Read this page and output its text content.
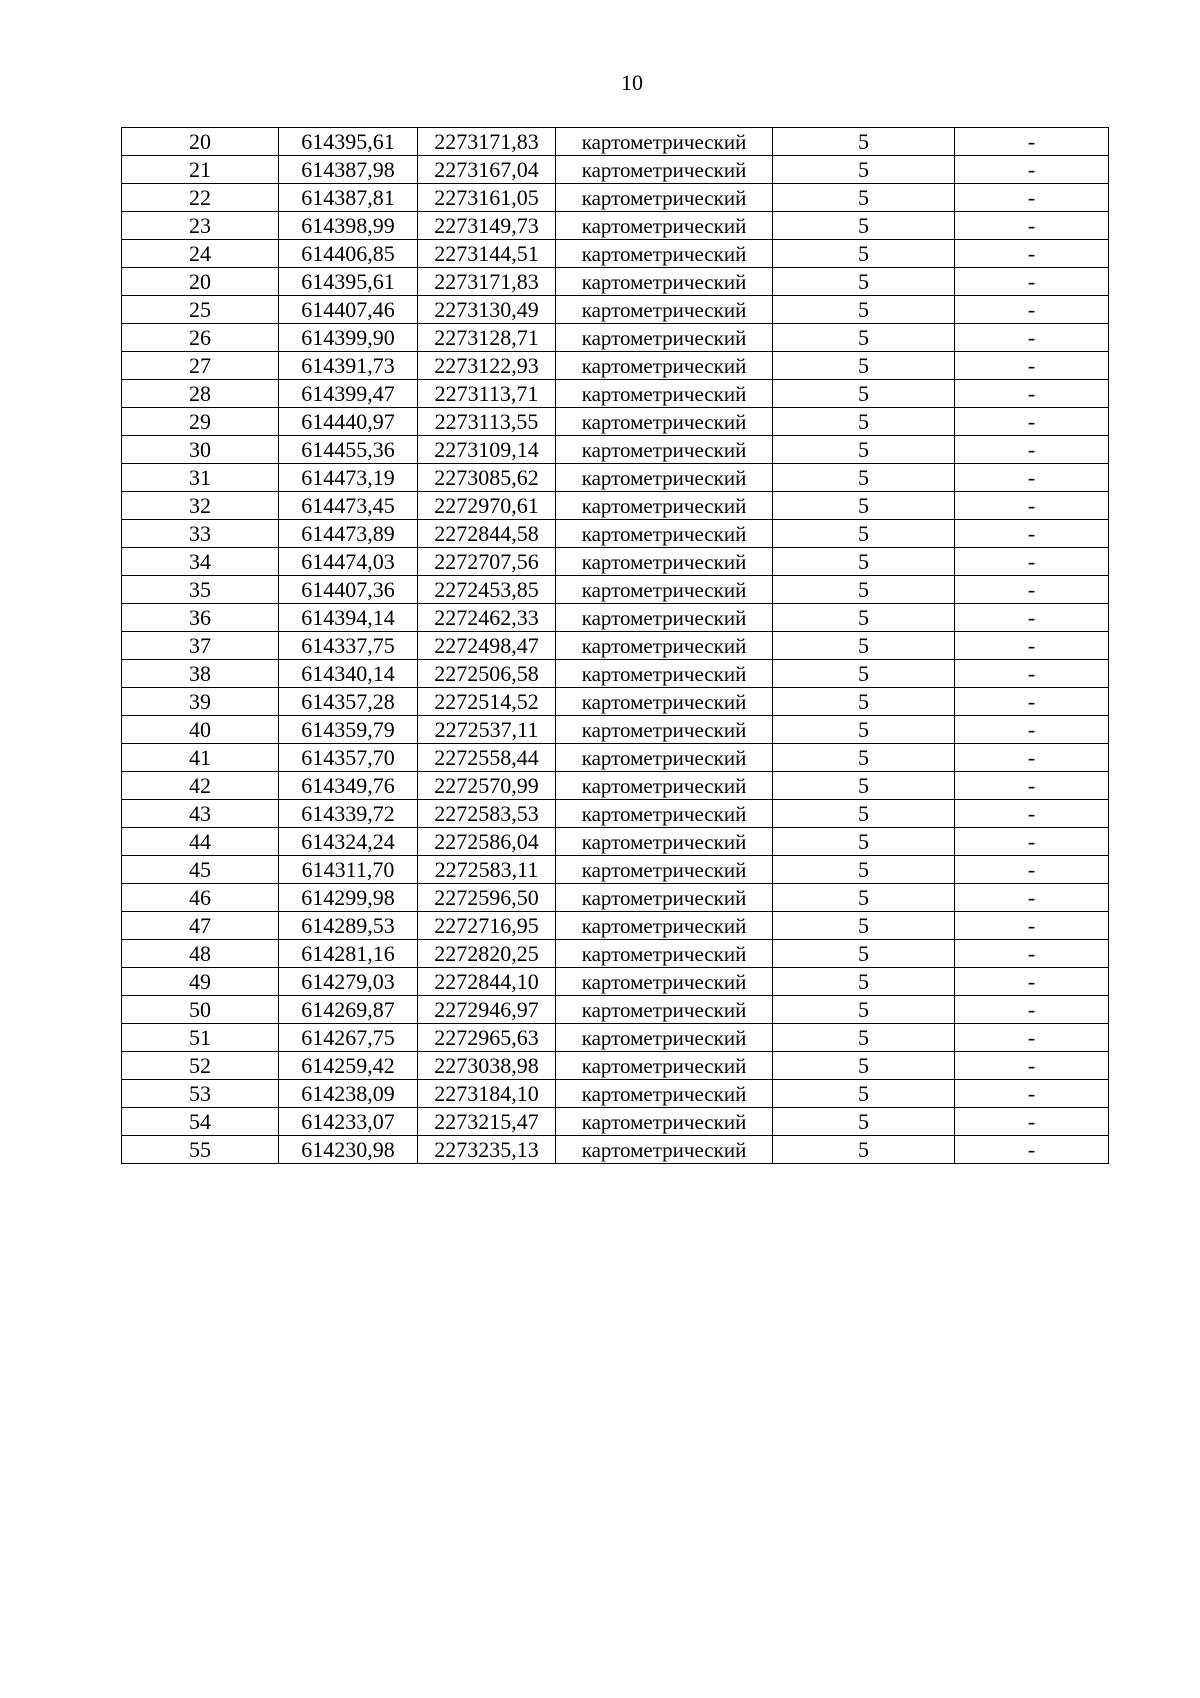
10
20	614395,61	2273171,83	картометрический	5	-
21	614387,98	2273167,04	картометрический	5	-
22	614387,81	2273161,05	картометрический	5	-
23	614398,99	2273149,73	картометрический	5	-
24	614406,85	2273144,51	картометрический	5	-
20	614395,61	2273171,83	картометрический	5	-
25	614407,46	2273130,49	картометрический	5	-
26	614399,90	2273128,71	картометрический	5	-
27	614391,73	2273122,93	картометрический	5	-
28	614399,47	2273113,71	картометрический	5	-
29	614440,97	2273113,55	картометрический	5	-
30	614455,36	2273109,14	картометрический	5	-
31	614473,19	2273085,62	картометрический	5	-
32	614473,45	2272970,61	картометрический	5	-
33	614473,89	2272844,58	картометрический	5	-
34	614474,03	2272707,56	картометрический	5	-
35	614407,36	2272453,85	картометрический	5	-
36	614394,14	2272462,33	картометрический	5	-
37	614337,75	2272498,47	картометрический	5	-
38	614340,14	2272506,58	картометрический	5	-
39	614357,28	2272514,52	картометрический	5	-
40	614359,79	2272537,11	картометрический	5	-
41	614357,70	2272558,44	картометрический	5	-
42	614349,76	2272570,99	картометрический	5	-
43	614339,72	2272583,53	картометрический	5	-
44	614324,24	2272586,04	картометрический	5	-
45	614311,70	2272583,11	картометрический	5	-
46	614299,98	2272596,50	картометрический	5	-
47	614289,53	2272716,95	картометрический	5	-
48	614281,16	2272820,25	картометрический	5	-
49	614279,03	2272844,10	картометрический	5	-
50	614269,87	2272946,97	картометрический	5	-
51	614267,75	2272965,63	картометрический	5	-
52	614259,42	2273038,98	картометрический	5	-
53	614238,09	2273184,10	картометрический	5	-
54	614233,07	2273215,47	картометрический	5	-
55	614230,98	2273235,13	картометрический	5	-
